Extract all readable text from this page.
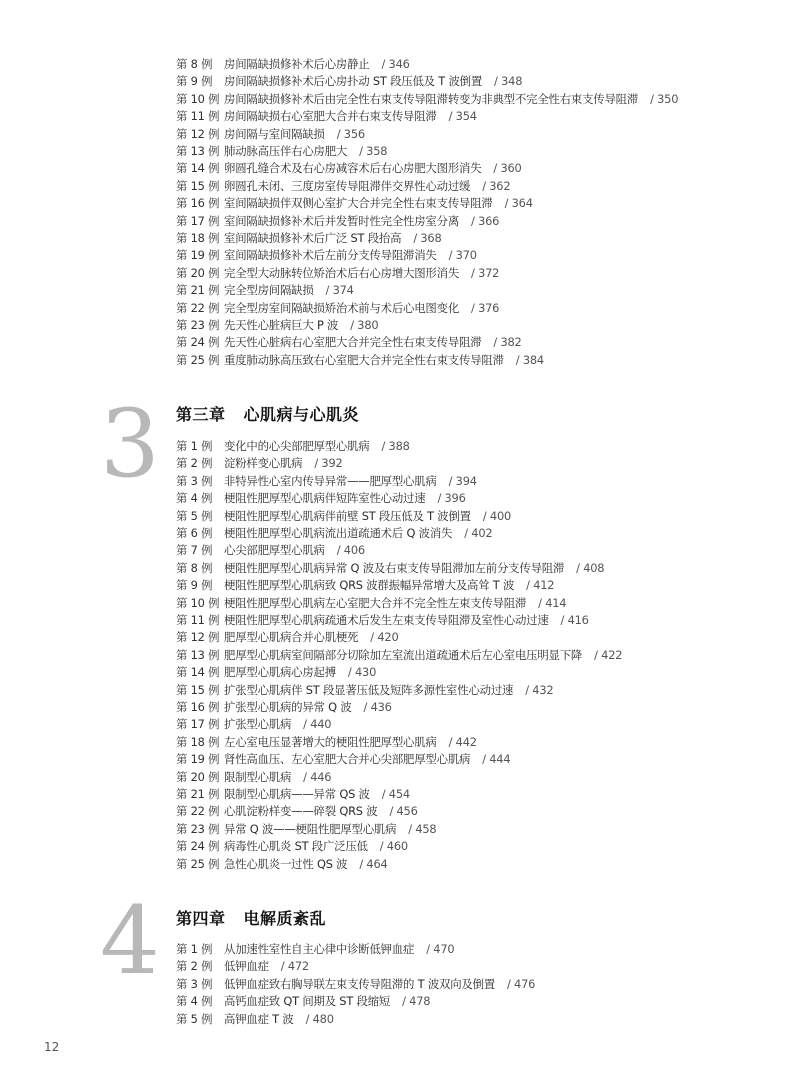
第 8 例 房间隔缺损修补术后心房静止 / 346
第 9 例 房间隔缺损修补术后心房扑动 ST 段压低及 T 波倒置 / 348
第 10 例 房间隔缺损修补术后由完全性右束支传导阻滞转变为非典型不完全性右束支传导阻滞 / 350
第 11 例 房间隔缺损右心室肥大合并右束支传导阻滞 / 354
第 12 例 房间隔与室间隔缺损 / 356
第 13 例 肺动脉高压伴右心房肥大 / 358
第 14 例 卵圆孔缝合术及右心房减容术后右心房肥大图形消失 / 360
第 15 例 卵圆孔未闭、三度房室传导阻滞伴交界性心动过缓 / 362
第 16 例 室间隔缺损伴双侧心室扩大合并完全性右束支传导阻滞 / 364
第 17 例 室间隔缺损修补术后并发暂时性完全性房室分离 / 366
第 18 例 室间隔缺损修补术后广泛 ST 段抬高 / 368
第 19 例 室间隔缺损修补术后左前分支传导阻滞消失 / 370
第 20 例 完全型大动脉转位矫治术后右心房增大图形消失 / 372
第 21 例 完全型房间隔缺损 / 374
第 22 例 完全型房室间隔缺损矫治术前与术后心电图变化 / 376
第 23 例 先天性心脏病巨大 P 波 / 380
第 24 例 先天性心脏病右心室肥大合并完全性右束支传导阻滞 / 382
第 25 例 重度肺动脉高压致右心室肥大合并完全性右束支传导阻滞 / 384
3 第三章 心肌病与心肌炎
第 1 例 变化中的心尖部肥厚型心肌病 / 388
第 2 例 淀粉样变心肌病 / 392
第 3 例 非特异性心室内传导异常——肥厚型心肌病 / 394
第 4 例 梗阻性肥厚型心肌病伴短阵室性心动过速 / 396
第 5 例 梗阻性肥厚型心肌病伴前壁 ST 段压低及 T 波倒置 / 400
第 6 例 梗阻性肥厚型心肌病流出道疏通术后 Q 波消失 / 402
第 7 例 心尖部肥厚型心肌病 / 406
第 8 例 梗阻性肥厚型心肌病异常 Q 波及右束支传导阻滞加左前分支传导阻滞 / 408
第 9 例 梗阻性肥厚型心肌病致 QRS 波群振幅异常增大及高耸 T 波 / 412
第 10 例 梗阻性肥厚型心肌病左心室肥大合并不完全性左束支传导阻滞 / 414
第 11 例 梗阻性肥厚型心肌病疏通术后发生左束支传导阻滞及室性心动过速 / 416
第 12 例 肥厚型心肌病合并心肌梗死 / 420
第 13 例 肥厚型心肌病室间隔部分切除加左室流出道疏通术后左心室电压明显下降 / 422
第 14 例 肥厚型心肌病心房起搏 / 430
第 15 例 扩张型心肌病伴 ST 段显著压低及短阵多源性室性心动过速 / 432
第 16 例 扩张型心肌病的异常 Q 波 / 436
第 17 例 扩张型心肌病 / 440
第 18 例 左心室电压显著增大的梗阻性肥厚型心肌病 / 442
第 19 例 肾性高血压、左心室肥大合并心尖部肥厚型心肌病 / 444
第 20 例 限制型心肌病 / 446
第 21 例 限制型心肌病——异常 QS 波 / 454
第 22 例 心肌淀粉样变——碎裂 QRS 波 / 456
第 23 例 异常 Q 波——梗阻性肥厚型心肌病 / 458
第 24 例 病毒性心肌炎 ST 段广泛压低 / 460
第 25 例 急性心肌炎一过性 QS 波 / 464
4 第四章 电解质紊乱
第 1 例 从加速性室性自主心律中诊断低钾血症 / 470
第 2 例 低钾血症 / 472
第 3 例 低钾血症致右胸导联左束支传导阻滞的 T 波双向及倒置 / 476
第 4 例 高钙血症致 QT 间期及 ST 段缩短 / 478
第 5 例 高钾血症 T 波 / 480
12
